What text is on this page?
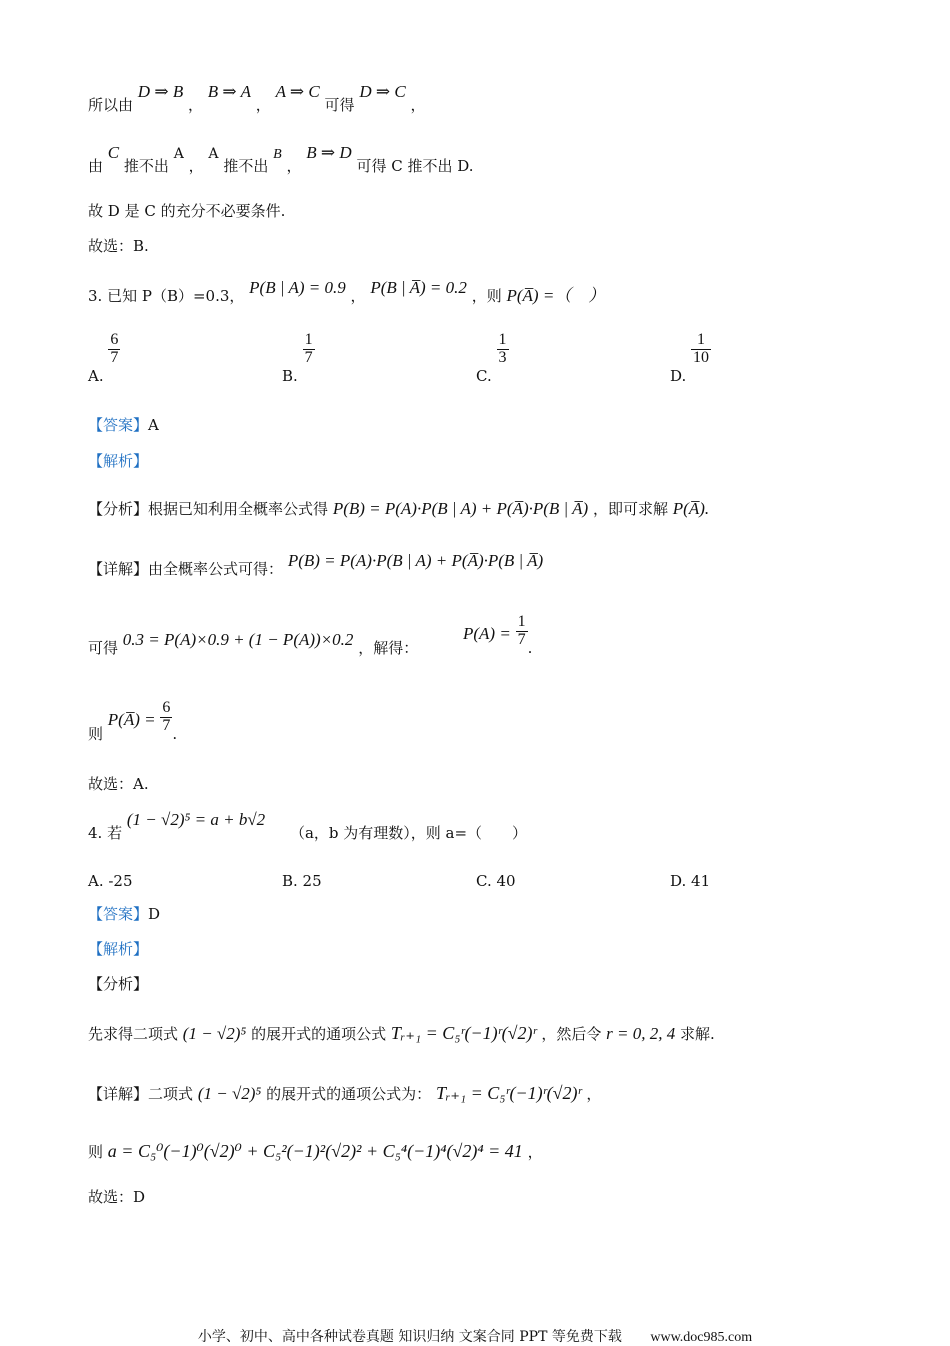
所以由 D ⇒ B ， B ⇒ A ， A ⇒ C 可得 D ⇒ C ，
由 C 推不出 A ， A 推不出 B ， B ⇒ D 可得 C 推不出 D.
故 D 是 C 的充分不必要条件.
故选：B.
3. 已知 P（B）=0.3， P(B | A) = 0.9 ， P(B | A̅) = 0.2 ，则 P(A̅) =（　）
A.
$\frac{6}{7}$
B.
$\frac{1}{7}$
C.
$\frac{1}{3}$
D.
$\frac{1}{10}$
【答案】A
【解析】
【分析】根据已知利用全概率公式得 P(B) = P(A)·P(B | A) + P(A̅)·P(B | A̅) ，即可求解 P(A̅).
【详解】由全概率公式可得： P(B) = P(A)·P(B | A) + P(A̅)·P(B | A̅)
可得 0.3 = P(A)×0.9 + (1 − P(A))×0.2 ，解得： $P(A) = \frac{1}{7}$ .
则 P(A̅) = $\frac{6}{7}$ .
故选：A.
4. 若 (1 − √2)⁵ = a + b√2 （a，b 为有理数），则 a=（　　）
A. -25	B. 25	C. 40	D. 41
【答案】D
【解析】
【分析】
先求得二项式 (1 − √2)⁵ 的展开式的通项公式 Tᵣ₊₁ = C₅ʳ(−1)ʳ(√2)ʳ ，然后令 r = 0, 2, 4 求解.
【详解】二项式 (1 − √2)⁵ 的展开式的通项公式为： Tᵣ₊₁ = C₅ʳ(−1)ʳ(√2)ʳ ，
则 a = C₅⁰(−1)⁰(√2)⁰ + C₅²(−1)²(√2)² + C₅⁴(−1)⁴(√2)⁴ = 41 ，
故选：D
小学、初中、高中各种试卷真题 知识归纳 文案合同 PPT 等免费下载 www.doc985.com
